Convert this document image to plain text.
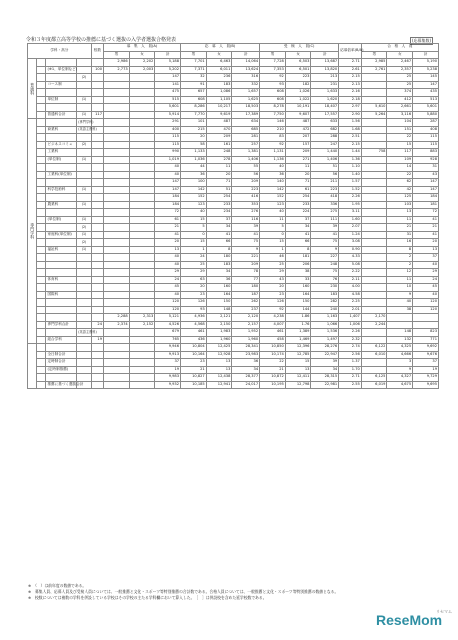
令和３年度都立高等学校の推薦に基づく選抜の入学者選抜合格発表	(応募集数)
学科・高分				校数	募　集　人　員(A)			応　募　人　員(B)			受　検　人　員(C)			応募倍率(B/A)	合　格　人　員		
					男	女	計	男	女	計	男	女	計		男	女	計
普通科					2,986	2,202	5,188	7,701	6,463	14,064	7,728	6,503	13,687	2.71	2,985	2,467	5,190
		(※1、単位制など)		100	2,773	2,003	5,202	7,371	6,011	13,624	7,353	6,501	13,820	2.61	2,761	2,357	5,238
			(2)				147	32	236	316	92	223	213	2.15		25	145
		コース制					141	91	183	332	93	182	231	2.13		25	147
							475	657	1,086	1,657	608	1,026	1,633	2.16		374	435
		単位制	(1)				515	608	1,105	1,625	608	1,022	1,620	2.18		412	513
							5,601	8,286	10,217	18,503	8,278	10,191	18,407	2.97	5,610	2,661	5,601
		普通科合計	(1)	117			5,914	7,770	9,619	17,389	7,750	9,607	17,557	2.90	5,264	3,116	5,880
専門学科			(専門学科)				291	101	487	634	146	487	633	1.56		104	287
		商業科	(英語主教科)				400	215	470	685	210	472	682	1.68		151	408
							115	20	209	281	83	207	288	2.51		22	115
		ビジネスコミュ	(2)				115	58	161	257	92	157	247	2.15		15	115
		工業科					990	1,133	248	1,381	1,131	209	1,440	1.44	758	117	883
		(単位制)	(1)				1,019	1,036	278	1,406	1,136	271	1,406	1.36		109	928
							40	44	11	55	40	11	51	1.10		14	31
		工業科(単位制)					40	36	20	56	36	20	56	1.40		22	43
							147	100	71	209	140	71	211	1.57		62	147
		科学技術科	(1)				147	142	51	223	142	61	223	1.52		42	147
							184	152	254	416	152	254	418	2.26		125	184
		農業科	(1)				184	123	233	353	123	233	336	1.95		103	181
							72	40	234	276	40	224	275	3.11		13	72
		(単位制)	(1)				61	15	37	116	11	37	111	1.60		11	41
			(2)				21	5	34	39	5	34	39	2.07		21	21
		家庭科(単位制)	(1)				41	0	41	41	0	41	41	1.24		31	41
			(2)				20	15	66	75	15	66	75	3.08		16	20
		福祉科	(1)				13	1	8	9	1	8	9	0.90		8	13
							40	24	180	221	46	181	227	4.33		2	37
							40	25	183	209	25	206	248	5.08		2	40
							29	29	34	78	29	38	75	2.22		12	29
		体育科					24	63	36	77	43	33	76	2.11		11	24
							45	20	160	180	20	160	230	4.00		10	45
		国際科					40	23	164	187	23	164	183	4.58		9	40
							120	126	150	262	126	150	282	2.25		40	120
							120	93	148	237	92	144	240	2.01		38	120
					2,288	2,313	5,121	4,936	2,121	2,120	4,238	1.86	1,163	1,407	2,170		
		専門学科合計		24	2,374	2,152	4,526	4,568	2,150	2,157	4,007	1.76	1,066	1,006	2,244		
			(英語主教科)				679	461	1,983	1,952	461	1,389	1,536	2.26		148	823
		総合学科		19			765	436	1,960	1,960	458	1,469	1,497	2.32		132	771
							9,946	10,804	12,425	28,341	10,850	12,396	28,276	2.74	6,122	4,325	9,692
		全日制合計					9,913	10,164	12,928	23,983	10,174	12,785	22,947	2.56	6,010	4,666	9,676
		定時制合計					37	23	13	36	22	15	39	1.37		3	37
		(定時制推薦)					19	21	13	34	21	13	34	1.70		9	19
							9,983	10,827	12,438	28,377	10,872	12,411	28,315	2.71	6,125	4,327	9,729
		推薦に基づく選抜合計					9,932	10,185	12,941	24,017	10,195	12,798	22,981	2.55	6,019	4,675	9,695
※　（　）は前年度の数値である。
※　募集人員、応募人員及び受検人員については、一般推薦と文化・スポーツ等特別推薦の合計数である。合格人員については、一般推薦と文化・スポーツ等特別推薦の数値となる。
※　校数については複数の学科を併設している学校はその学校の主たる学科欄において算入した。［　］は併設校を含めた延学校数である。
ReseMom
リセマム
